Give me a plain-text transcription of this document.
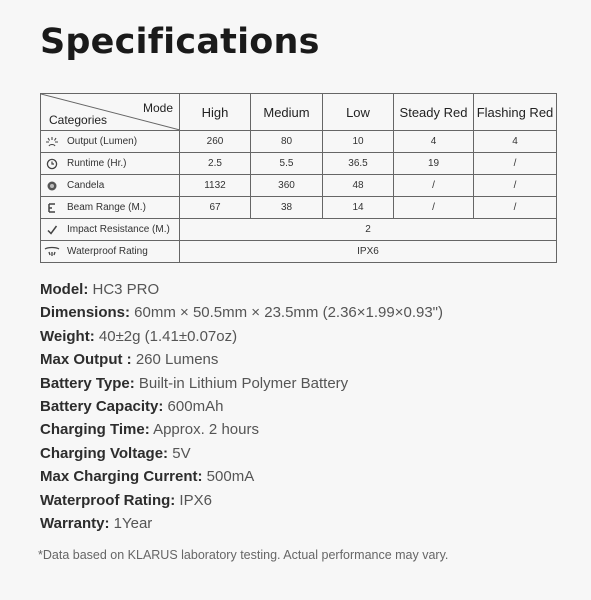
Specifications
Mode
Categories	High	Medium	Low	Steady Red	Flashing Red

Output (Lumen)	260	80	10	4	4

Runtime (Hr.)	2.5	5.5	36.5	19	/

Candela	1132	360	48	/	/

Beam Range (M.)	67	38	14	/	/

Impact Resistance (M.)	2				

Waterproof Rating	IPX6				
Model: HC3 PRO
Dimensions: 60mm × 50.5mm × 23.5mm (2.36×1.99×0.93")
Weight: 40±2g (1.41±0.07oz)
Max Output : 260 Lumens
Battery Type: Built-in Lithium Polymer Battery
Battery Capacity: 600mAh
Charging Time: Approx. 2 hours
Charging Voltage: 5V
Max Charging Current: 500mA
Waterproof Rating: IPX6
Warranty: 1Year
*Data based on KLARUS laboratory testing. Actual performance may vary.
